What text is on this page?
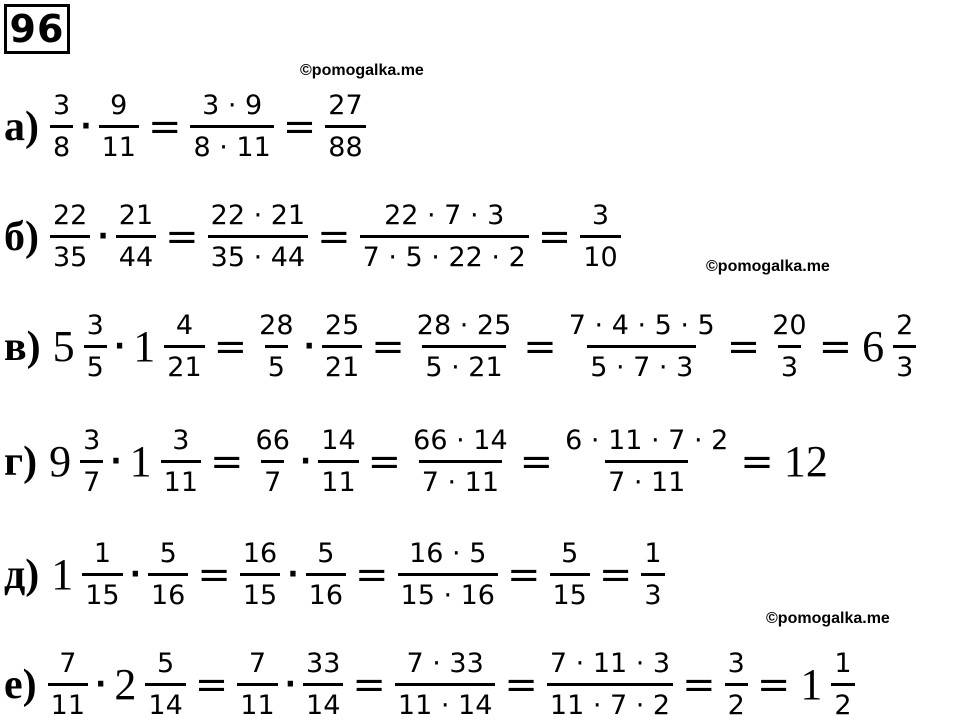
96
©pomogalka.me
©pomogalka.me
©pomogalka.me
$а) \frac{3}{8} \cdot \frac{9}{11} = \frac{3 \cdot 9}{8 \cdot 11} = \frac{27}{88}$
$б) \frac{22}{35} \cdot \frac{21}{44} = \frac{22 \cdot 21}{35 \cdot 44} = \frac{22 \cdot 7 \cdot 3}{7 \cdot 5 \cdot 22 \cdot 2} = \frac{3}{10}$
в) $5 \frac{3}{5} \cdot 1 \frac{4}{21} = \frac{28}{5} \cdot \frac{25}{21} = \frac{28 \cdot 25}{5 \cdot 21} = \frac{7 \cdot 4 \cdot 5 \cdot 5}{5 \cdot 7 \cdot 3} = \frac{20}{3} = 6 \frac{2}{3}$
г) $9 \frac{3}{7} \cdot 1 \frac{3}{11} = \frac{66}{7} \cdot \frac{14}{11} = \frac{66 \cdot 14}{7 \cdot 11} = \frac{6 \cdot 11 \cdot 7 \cdot 2}{7 \cdot 11} = 12$
д) $1 \frac{1}{15} \cdot \frac{5}{16} = \frac{16}{15} \cdot \frac{5}{16} = \frac{16 \cdot 5}{15 \cdot 16} = \frac{5}{15} = \frac{1}{3}$
$е) \frac{7}{11} \cdot 2 \frac{5}{14} = \frac{7}{11} \cdot \frac{33}{14} = \frac{7 \cdot 33}{11 \cdot 14} = \frac{7 \cdot 11 \cdot 3}{11 \cdot 7 \cdot 2} = \frac{3}{2} = 1 \frac{1}{2}$
